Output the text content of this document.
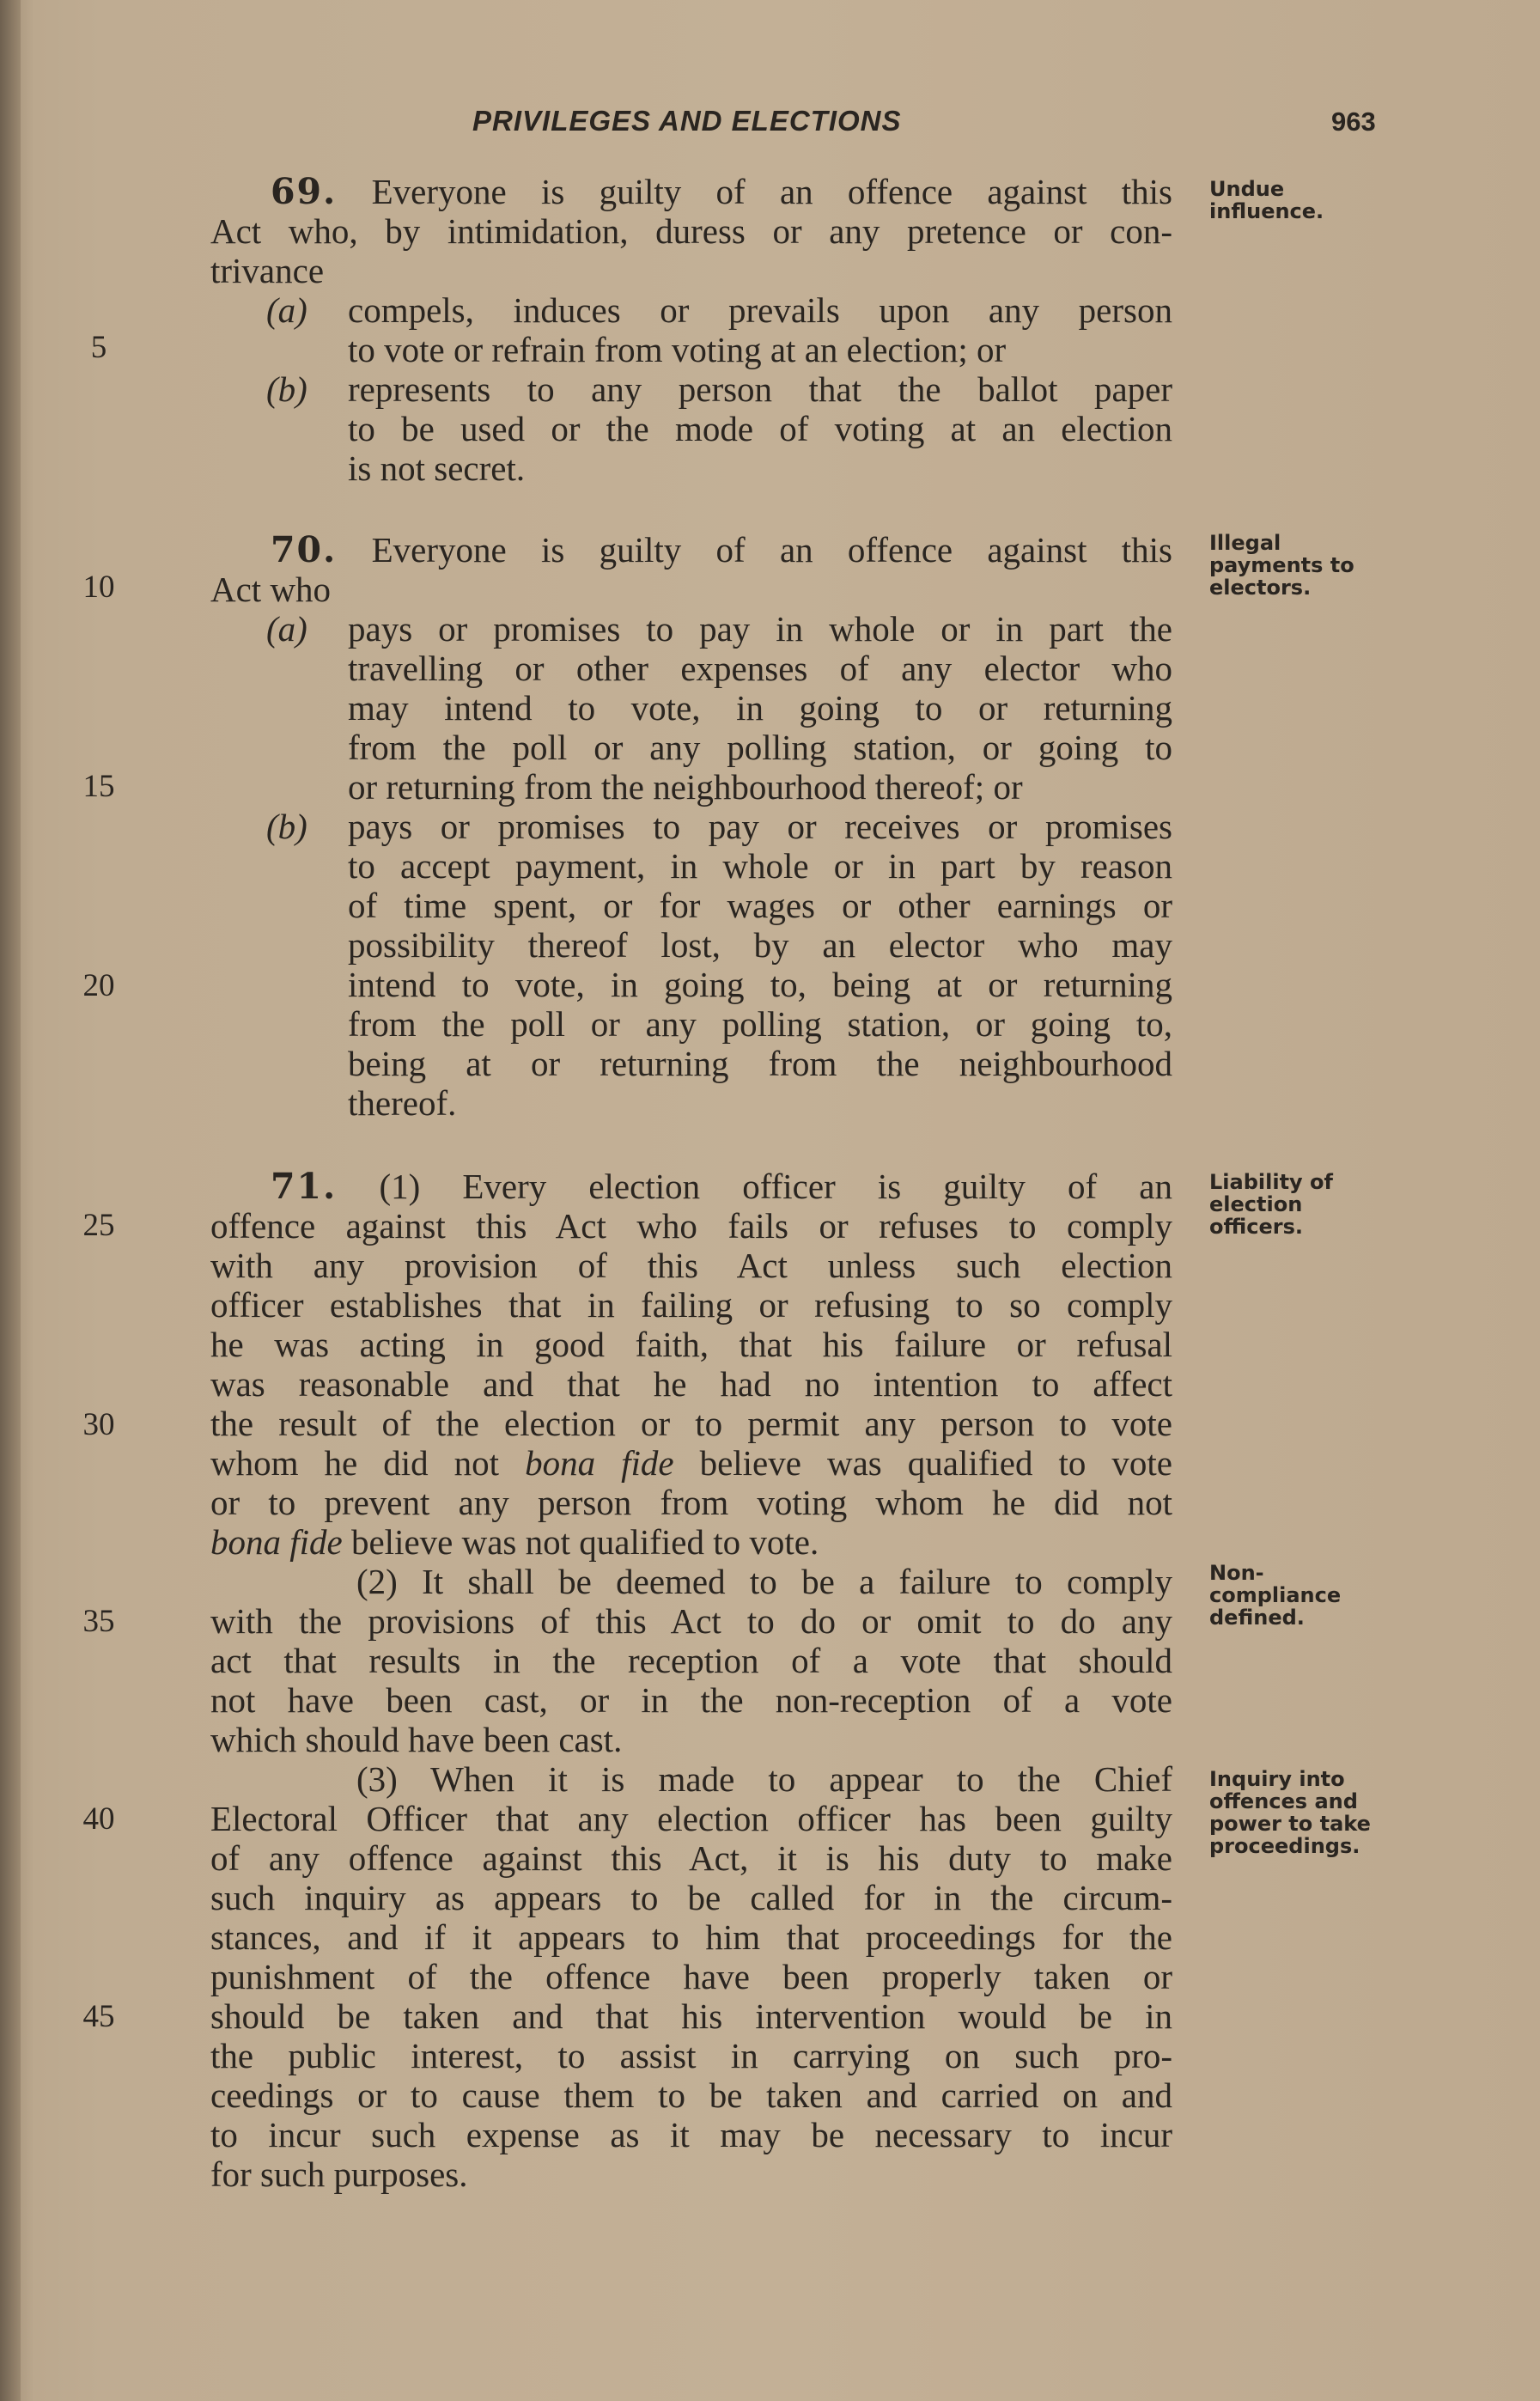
PRIVILEGES AND ELECTIONS	963
5
10
15
20
25
30
35
40
45
69. Everyone is guilty of an offence against this
Act who, by intimidation, duress or any pretence or con-
trivance
(a) compels, induces or prevails upon any person
to vote or refrain from voting at an election; or
(b) represents to any person that the ballot paper
to be used or the mode of voting at an election
is not secret.
Undue
influence.
70. Everyone is guilty of an offence against this
Act who
(a) pays or promises to pay in whole or in part the
travelling or other expenses of any elector who
may intend to vote, in going to or returning
from the poll or any polling station, or going to
or returning from the neighbourhood thereof; or
(b) pays or promises to pay or receives or promises
to accept payment, in whole or in part by reason
of time spent, or for wages or other earnings or
possibility thereof lost, by an elector who may
intend to vote, in going to, being at or returning
from the poll or any polling station, or going to,
being at or returning from the neighbourhood
thereof.
Illegal
payments to
electors.
71. (1) Every election officer is guilty of an
offence against this Act who fails or refuses to comply
with any provision of this Act unless such election
officer establishes that in failing or refusing to so comply
he was acting in good faith, that his failure or refusal
was reasonable and that he had no intention to affect
the result of the election or to permit any person to vote
whom he did not bona fide believe was qualified to vote
or to prevent any person from voting whom he did not
bona fide believe was not qualified to vote.
(2) It shall be deemed to be a failure to comply
with the provisions of this Act to do or omit to do any
act that results in the reception of a vote that should
not have been cast, or in the non-reception of a vote
which should have been cast.
(3) When it is made to appear to the Chief
Electoral Officer that any election officer has been guilty
of any offence against this Act, it is his duty to make
such inquiry as appears to be called for in the circum-
stances, and if it appears to him that proceedings for the
punishment of the offence have been properly taken or
should be taken and that his intervention would be in
the public interest, to assist in carrying on such pro-
ceedings or to cause them to be taken and carried on and
to incur such expense as it may be necessary to incur
for such purposes.
Liability of
election
officers.
Non-
compliance
defined.
Inquiry into
offences and
power to take
proceedings.
